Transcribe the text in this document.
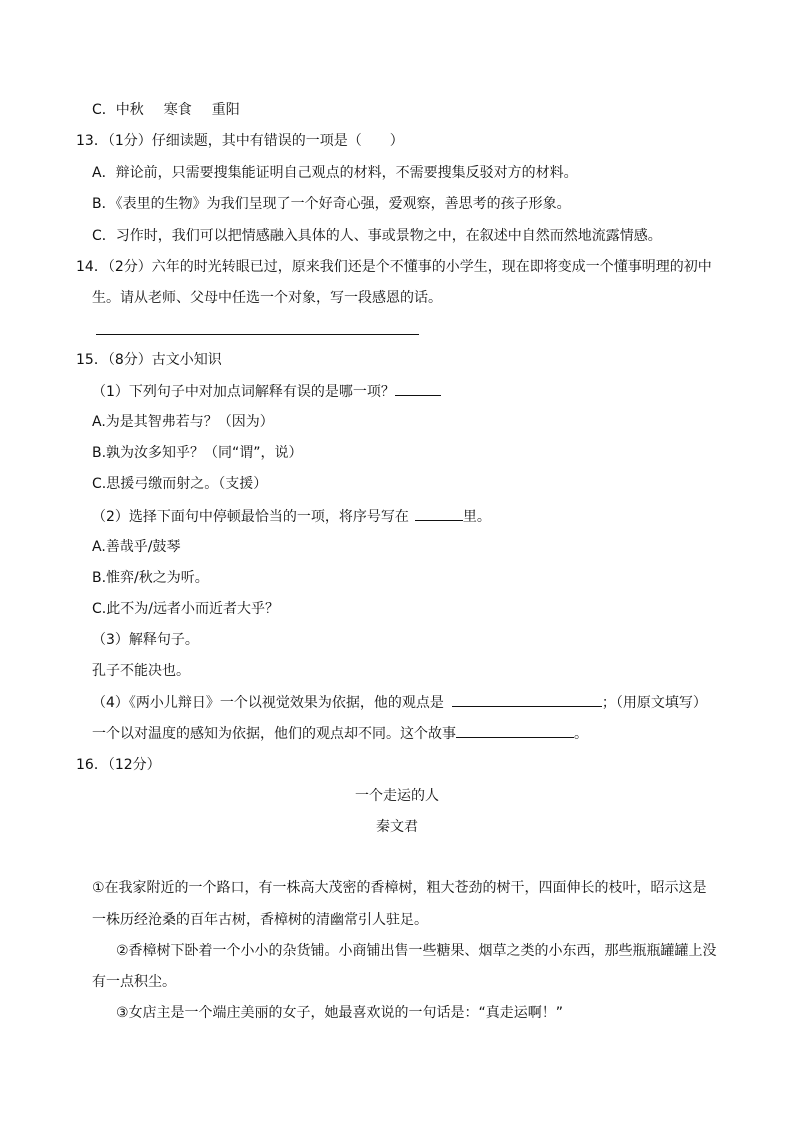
C．中秋 寒食 重阳
13．（1分）仔细读题，其中有错误的一项是（　　）
A．辩论前，只需要搜集能证明自己观点的材料，不需要搜集反驳对方的材料。
B．《表里的生物》为我们呈现了一个好奇心强，爱观察，善思考的孩子形象。
C．习作时，我们可以把情感融入具体的人、事或景物之中，在叙述中自然而然地流露情感。
14．（2分）六年的时光转眼已过，原来我们还是个不懂事的小学生，现在即将变成一个懂事明理的初中
生。请从老师、父母中任选一个对象，写一段感恩的话。
15．（8分）古文小知识
（1）下列句子中对加点词解释有误的是哪一项？
A.为是其智弗若与？（因为）
B.孰为汝多知乎？（同“谓”，说）
C.思援弓缴而射之。（支援）
（2）选择下面句中停顿最恰当的一项，将序号写在	里。
A.善哉乎/鼓琴
B.惟弈/秋之为听。
C.此不为/远者小而近者大乎？
（3）解释句子。
孔子不能决也。
（4）《两小儿辩日》一个以视觉效果为依据，他的观点是	；（用原文填写）
一个以对温度的感知为依据，他们的观点却不同。这个故事	。
16．（12分）
一个走运的人
秦文君
①在我家附近的一个路口，有一株高大茂密的香樟树，粗大苍劲的树干，四面伸长的枝叶，昭示这是
一株历经沧桑的百年古树，香樟树的清幽常引人驻足。
②香樟树下卧着一个小小的杂货铺。小商铺出售一些糖果、烟草之类的小东西，那些瓶瓶罐罐上没
有一点积尘。
③女店主是一个端庄美丽的女子，她最喜欢说的一句话是：“真走运啊！”
